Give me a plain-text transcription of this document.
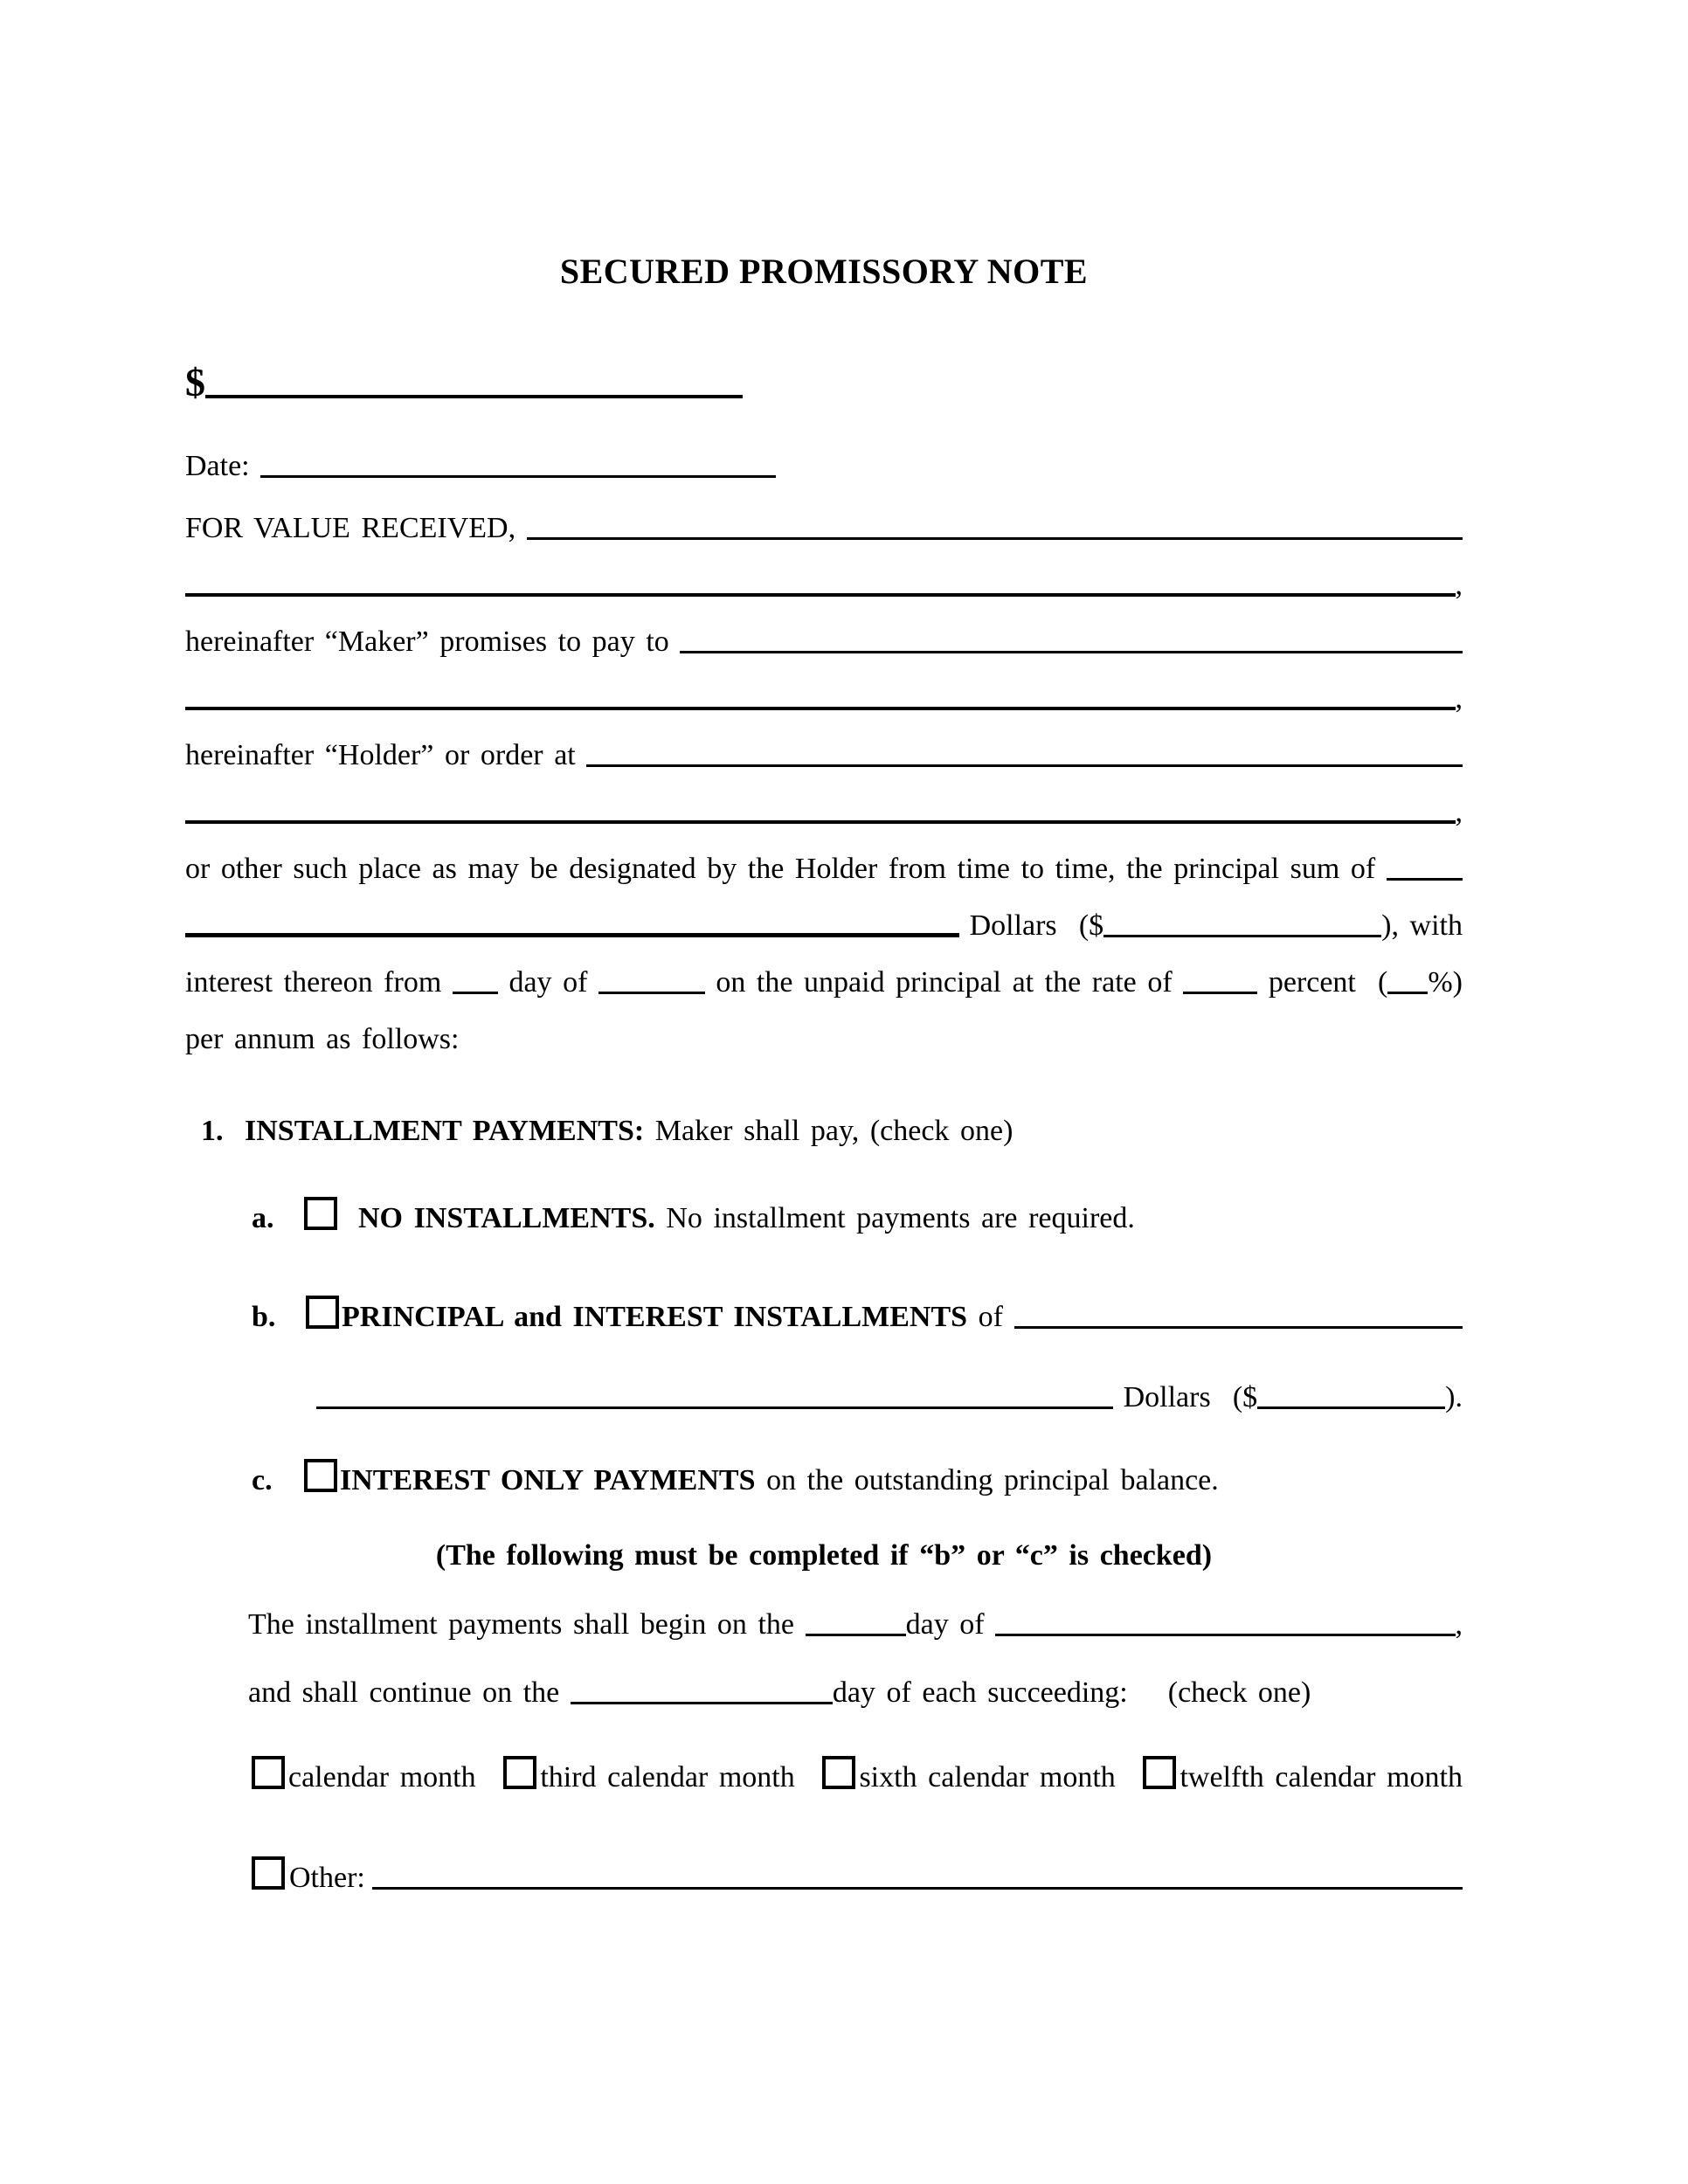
SECURED PROMISSORY NOTE
$
Date:
FOR VALUE RECEIVED,
,
hereinafter “Maker” promises to pay to
,
hereinafter “Holder” or order at
,
or other such place as may be designated by the Holder from time to time, the principal sum of
Dollars  ($	), with
interest thereon from day of	on the unpaid principal at the rate of	percent  ( %)
per annum as follows:
1. INSTALLMENT PAYMENTS: Maker shall pay, (check one)
a.	NO INSTALLMENTS. No installment payments are required.
b.	PRINCIPAL and INTEREST INSTALLMENTS of
Dollars  ($	).
c.	INTEREST ONLY PAYMENTS on the outstanding principal balance.
(The following must be completed if “b” or “c” is checked)
The installment payments shall begin on the	day of	,
and shall continue on the	day of each succeeding: (check one)
calendar month third calendar month sixth calendar month twelfth calendar month
Other:
